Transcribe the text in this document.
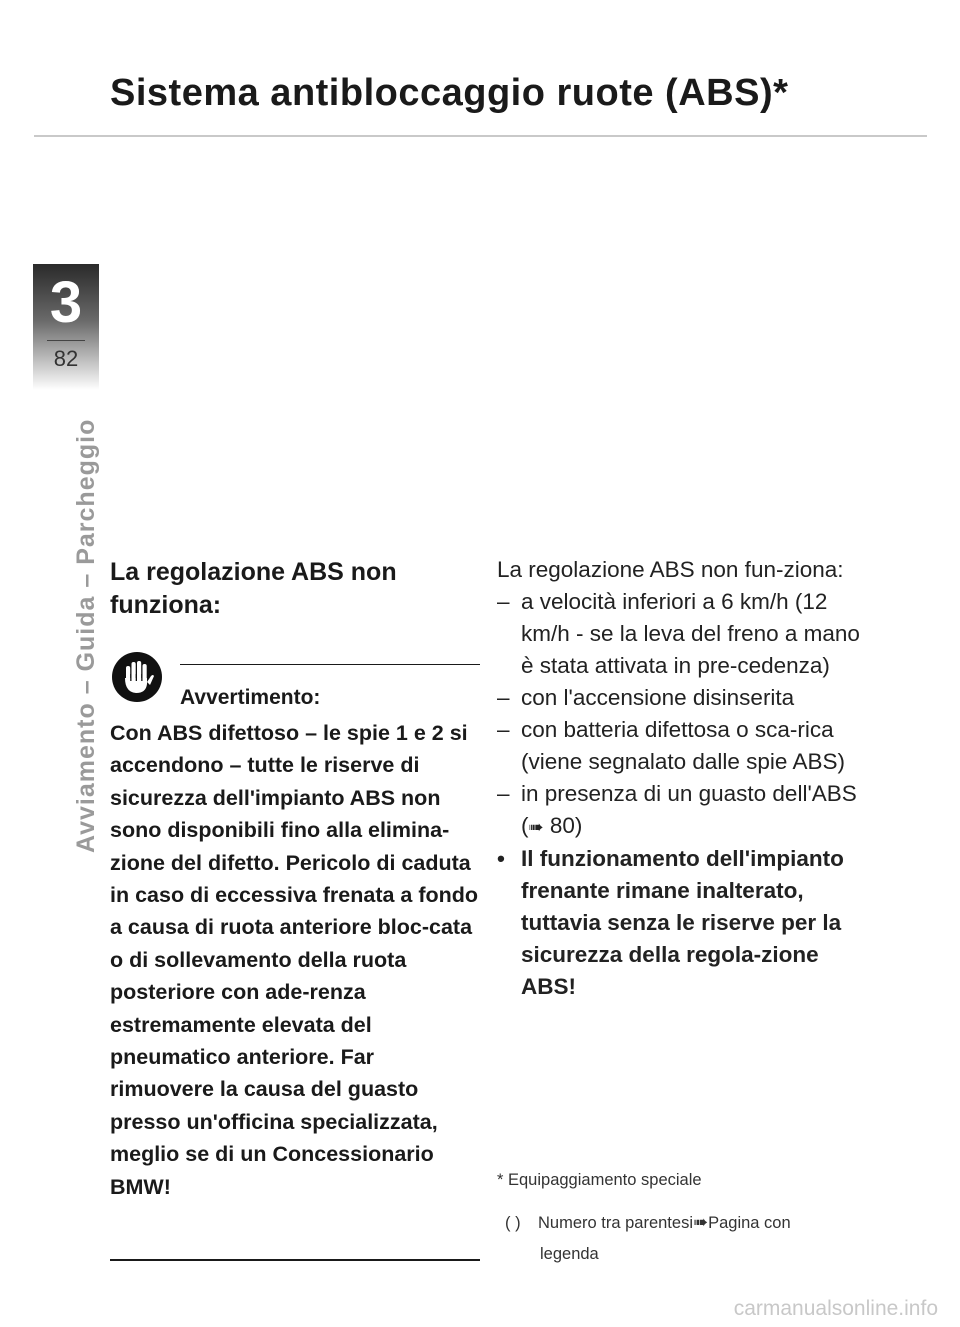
Sistema antibloccaggio ruote (ABS)*
3
82
Avviamento – Guida – Parcheggio La regolazione ABS non funziona:
Avvertimento:

Con ABS difettoso – le spie 1 e 2 si accendono – tutte le riserve di sicurezza dell'impianto ABS non sono disponibili fino alla elimina-zione del difetto. Pericolo di caduta in caso di eccessiva frenata a fondo a causa di ruota anteriore bloc-cata o di sollevamento della ruota posteriore con ade-renza estremamente elevata del pneumatico anteriore. Far rimuovere la causa del guasto presso un'officina specializzata, meglio se di un Concessionario BMW!

La regolazione ABS non fun-ziona:

– a velocità inferiori a 6 km/h (12 km/h - se la leva del freno a mano è stata attivata in pre-cedenza)

– con l'accensione disinserita

– con batteria difettosa o sca-rica (viene segnalato dalle spie ABS)

– in presenza di un guasto dell'ABS (➠ 80)

• Il funzionamento dell'impianto frenante rimane inalterato, tuttavia senza le riserve per la sicurezza della regola-zione ABS!

* Equipaggiamento speciale
( ) Numero tra parentesi➠Pagina con
legenda
carmanualsonline.info
